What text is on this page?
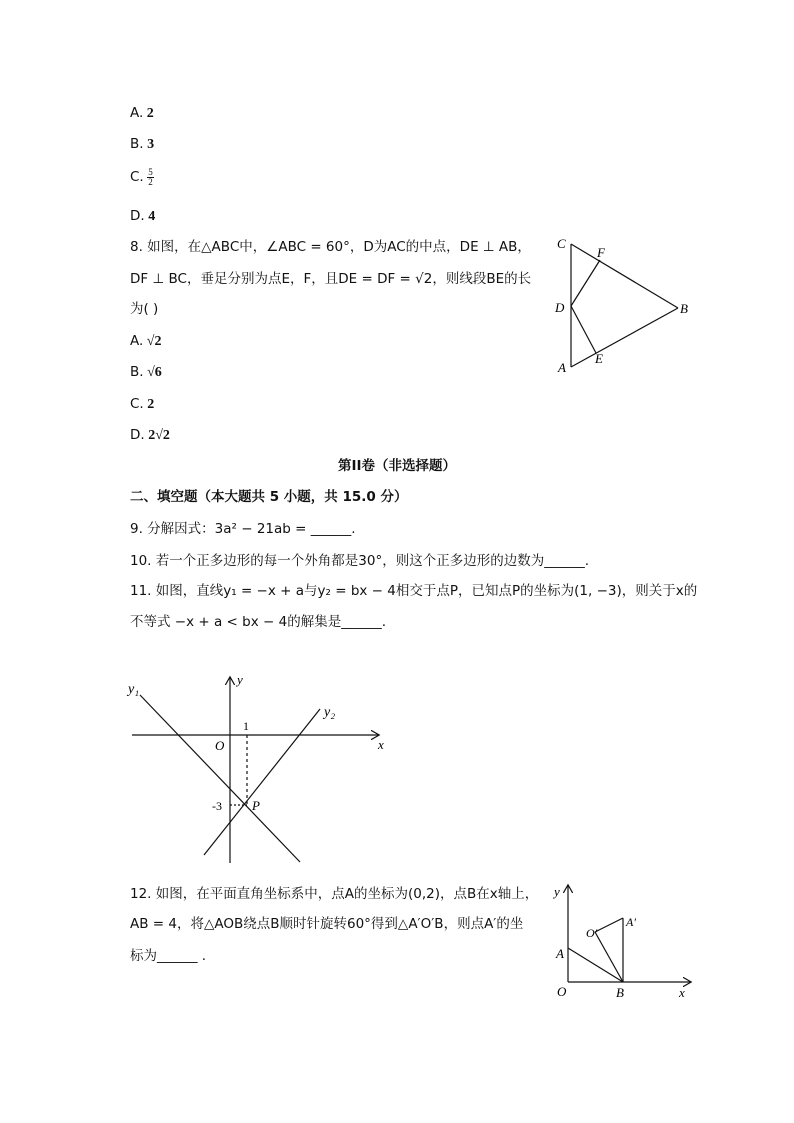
A. 2
B. 3
C. $\frac{5}{2}$
D. 4
8. 如图，在△ABC中，∠ABC = 60°，D为AC的中点，DE ⊥ AB，
DF ⊥ BC，垂足分别为点E，F，且DE = DF = √2，则线段BE的长
为( )
A. √2
B. √6
C. 2
D. 2√2
C
F
D	B
A
E
第II卷（非选择题）
二、填空题（本大题共 5 小题，共 15.0 分）
9. 分解因式：3a² − 21ab = ______.
10. 若一个正多边形的每一个外角都是30°，则这个正多边形的边数为______.
11. 如图，直线y₁ = −x + a与y₂ = bx − 4相交于点P，已知点P的坐标为(1, −3)，则关于x的
不等式 −x + a < bx − 4的解集是______.
y₁
y₂
y
x
O
1
-3 P
12. 如图，在平面直角坐标系中，点A的坐标为(0,2)，点B在x轴上，
AB = 4，将△AOB绕点B顺时针旋转60°得到△A′O′B，则点A′的坐
标为______ .
y
x
O
A
B
O′
A′
